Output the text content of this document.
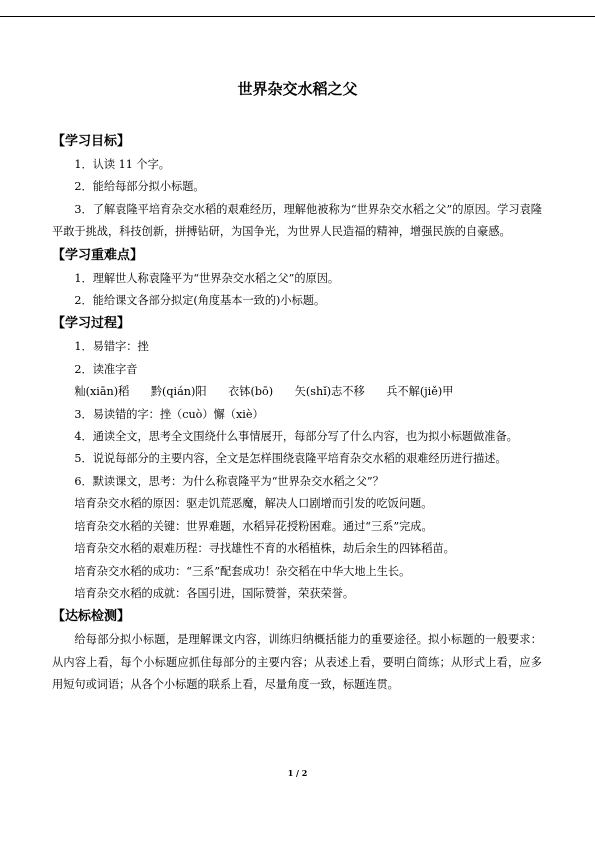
世界杂交水稻之父
【学习目标】

1．认读 11 个字。

2．能给每部分拟小标题。

3．了解袁隆平培育杂交水稻的艰难经历，理解他被称为“世界杂交水稻之父”的原因。学习袁隆平敢于挑战，科技创新，拼搏钻研，为国争光，为世界人民造福的精神，增强民族的自豪感。

【学习重难点】

1．理解世人称袁隆平为“世界杂交水稻之父”的原因。

2．能给课文各部分拟定(角度基本一致的)小标题。

【学习过程】

1．易错字：挫

2．读准字音

籼(xiān)稻 黔(qián)阳 衣钵(bō) 矢(shǐ)志不移 兵不解(jiě)甲

3．易读错的字：挫（cuò）懈（xiè）

4．通读全文，思考全文围绕什么事情展开，每部分写了什么内容，也为拟小标题做准备。

5．说说每部分的主要内容，全文是怎样围绕袁隆平培育杂交水稻的艰难经历进行描述。

6．默读课文，思考：为什么称袁隆平为“世界杂交水稻之父”？

培育杂交水稻的原因：驱走饥荒恶魔，解决人口剧增而引发的吃饭问题。

培育杂交水稻的关键：世界难题，水稻异花授粉困难。通过“三系”完成。

培育杂交水稻的艰难历程：寻找雄性不育的水稻植株，劫后余生的四钵稻苗。

培育杂交水稻的成功：“三系”配套成功！杂交稻在中华大地上生长。

培育杂交水稻的成就：各国引进，国际赞誉，荣获荣誉。

【达标检测】

给每部分拟小标题，是理解课文内容，训练归纳概括能力的重要途径。拟小标题的一般要求：从内容上看，每个小标题应抓住每部分的主要内容；从表述上看，要明白简练；从形式上看，应多用短句或词语；从各个小标题的联系上看，尽量角度一致，标题连贯。

1 / 2
